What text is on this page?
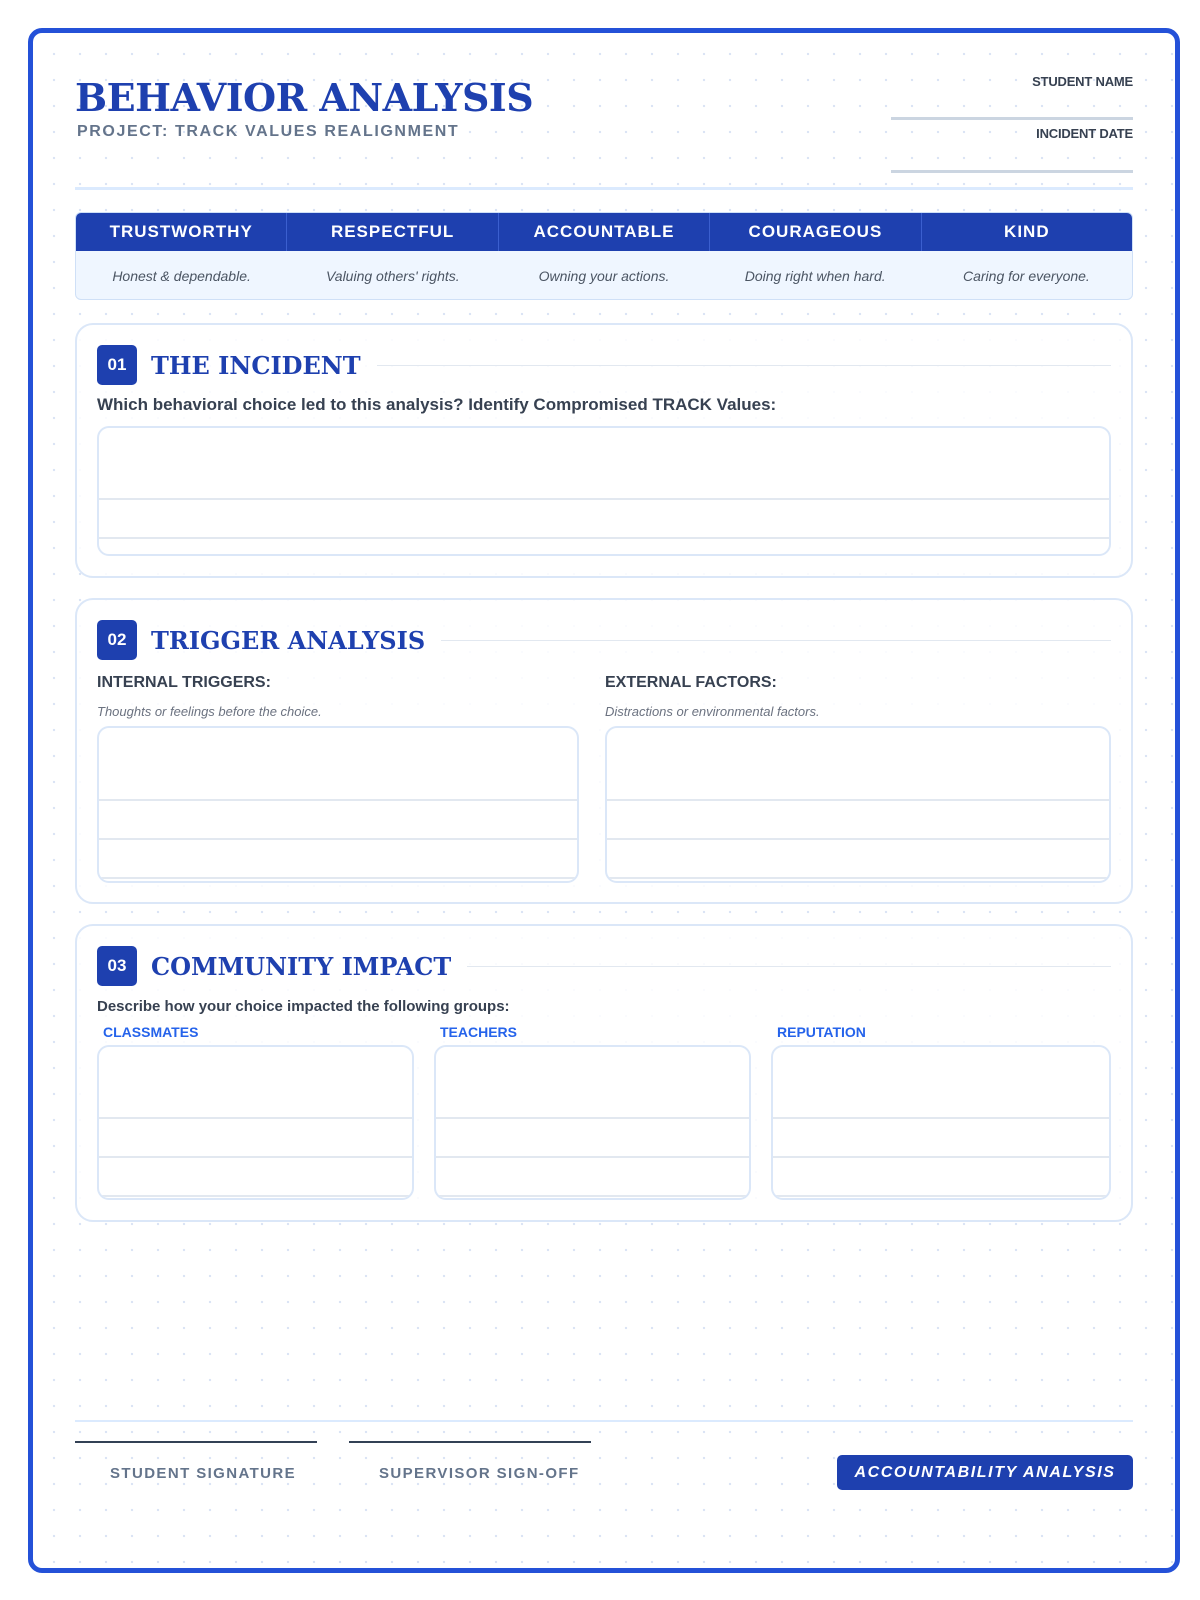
BEHAVIOR ANALYSIS
PROJECT: TRACK VALUES REALIGNMENT
STUDENT NAME
INCIDENT DATE
TRUSTWORTHY	RESPECTFUL	ACCOUNTABLE	COURAGEOUS	KIND
Honest & dependable.	Valuing others' rights.	Owning your actions.	Doing right when hard.	Caring for everyone.
01	THE INCIDENT
Which behavioral choice led to this analysis? Identify Compromised TRACK Values:
02	TRIGGER ANALYSIS
INTERNAL TRIGGERS:
Thoughts or feelings before the choice.
EXTERNAL FACTORS:
Distractions or environmental factors.
03	COMMUNITY IMPACT
Describe how your choice impacted the following groups:
CLASSMATES	TEACHERS	REPUTATION
STUDENT SIGNATURE	SUPERVISOR SIGN-OFF	ACCOUNTABILITY ANALYSIS
